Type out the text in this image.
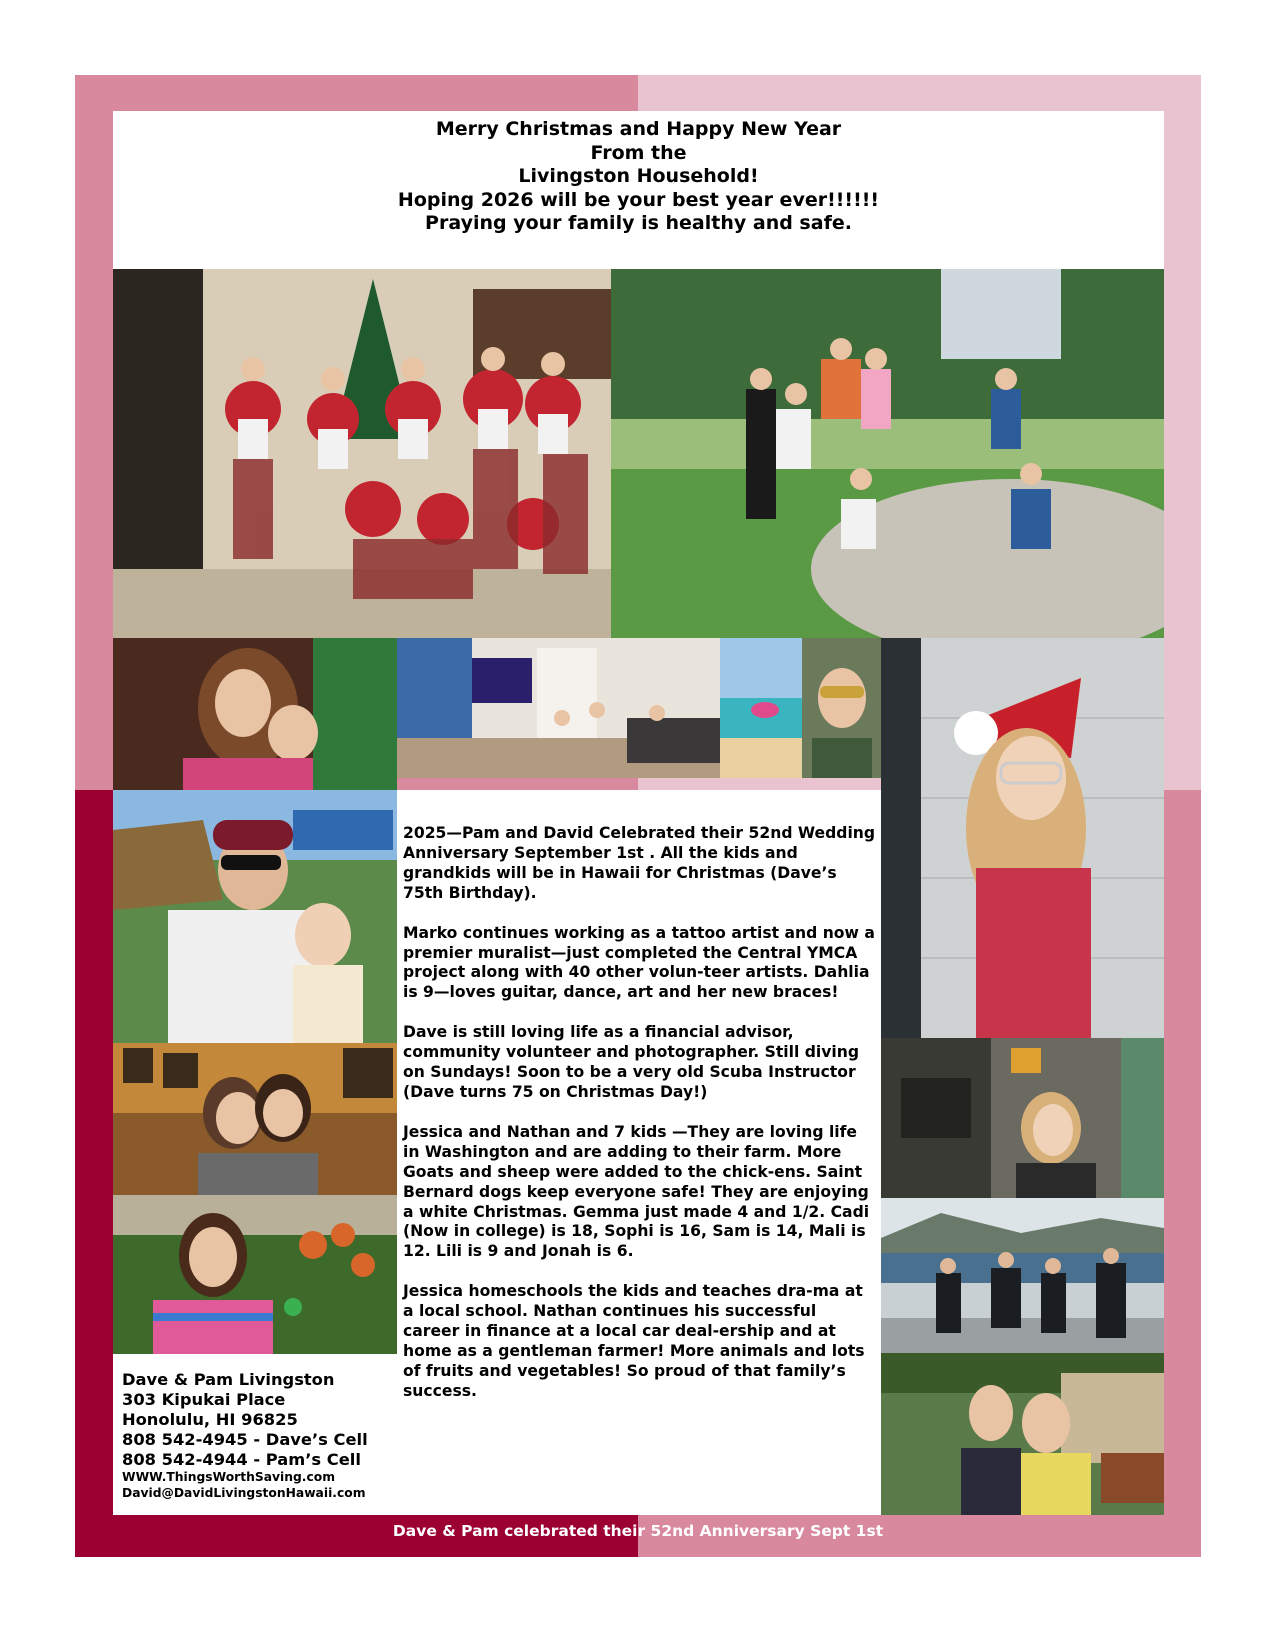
Merry Christmas and Happy New Year
From the
Livingston Household!
Hoping 2026 will be your best year ever!!!!!!
Praying your family is healthy and safe.

2025—Pam and David Celebrated their 52nd Wedding Anniversary September 1st . All the kids and grandkids will be in Hawaii for Christmas (Dave’s 75th Birthday).

Marko continues working as a tattoo artist and now a premier muralist—just completed the Central YMCA project along with 40 other volun-teer artists. Dahlia is 9—loves guitar, dance, art and her new braces!

Dave is still loving life as a financial advisor, community volunteer and photographer. Still diving on Sundays! Soon to be a very old Scuba Instructor (Dave turns 75 on Christmas Day!)

Jessica and Nathan and 7 kids —They are loving life in Washington and are adding to their farm. More Goats and sheep were added to the chick-ens. Saint Bernard dogs keep everyone safe! They are enjoying a white Christmas. Gemma just made 4 and 1/2. Cadi (Now in college) is 18, Sophi is 16, Sam is 14, Mali is 12. Lili is 9 and Jonah is 6.

Jessica homeschools the kids and teaches dra-ma at a local school. Nathan continues his successful career in finance at a local car deal-ership and at home as a gentleman farmer! More animals and lots of fruits and vegetables! So proud of that family’s success.

Dave & Pam Livingston
303 Kipukai Place
Honolulu, HI 96825
808 542-4945 - Dave’s Cell
808 542-4944 - Pam’s Cell
WWW.ThingsWorthSaving.com
David@DavidLivingstonHawaii.com
Dave & Pam celebrated their 52nd Anniversary Sept 1st
